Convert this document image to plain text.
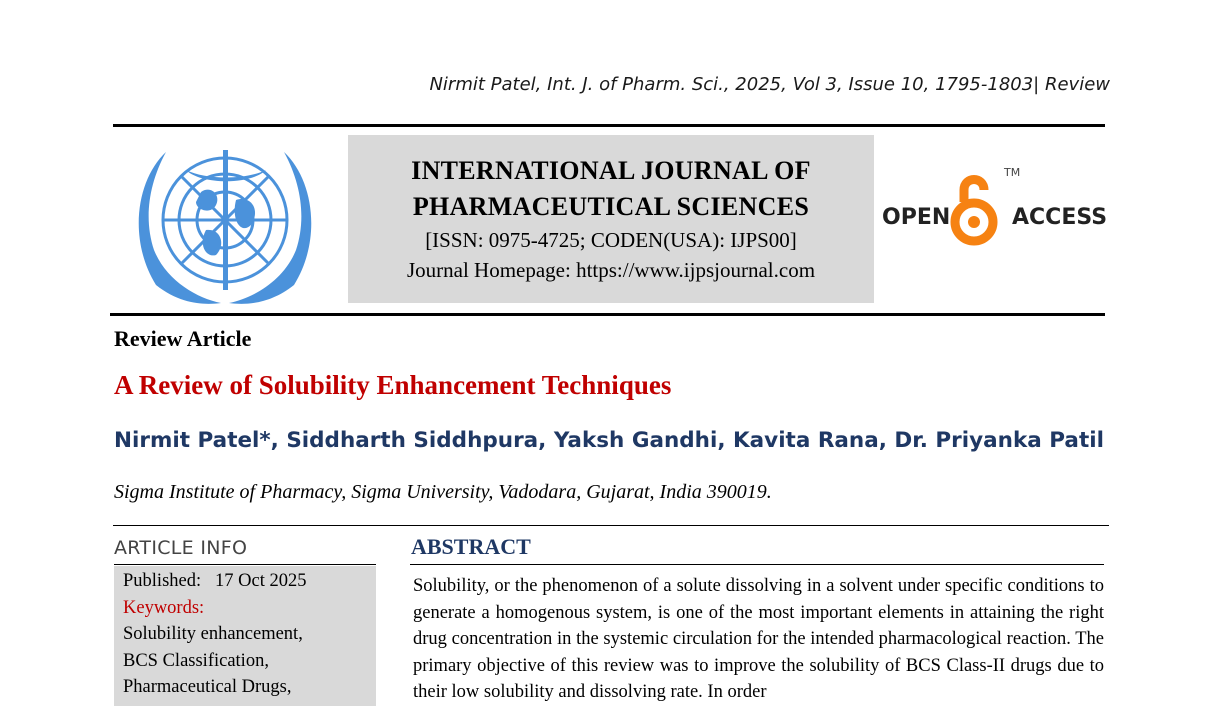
Nirmit Patel, Int. J. of Pharm. Sci., 2025, Vol 3, Issue 10, 1795-1803| Review
INTERNATIONAL JOURNAL OF
PHARMACEUTICAL SCIENCES
[ISSN: 0975-4725; CODEN(USA): IJPS00]
Journal Homepage: https://www.ijpsjournal.com
OPEN
TM
ACCESS
Review Article
A Review of Solubility Enhancement Techniques
Nirmit Patel*, Siddharth Siddhpura, Yaksh Gandhi, Kavita Rana, Dr. Priyanka Patil
Sigma Institute of Pharmacy, Sigma University, Vadodara, Gujarat, India 390019.
ARTICLE INFO
Published: 17 Oct 2025
Keywords:
Solubility enhancement,
BCS Classification,
Pharmaceutical Drugs,
ABSTRACT
Solubility, or the phenomenon of a solute dissolving in a solvent under specific conditions to generate a homogenous system, is one of the most important elements in attaining the right drug concentration in the systemic circulation for the intended pharmacological reaction. The primary objective of this review was to improve the solubility of BCS Class-II drugs due to their low solubility and dissolving rate. In order
